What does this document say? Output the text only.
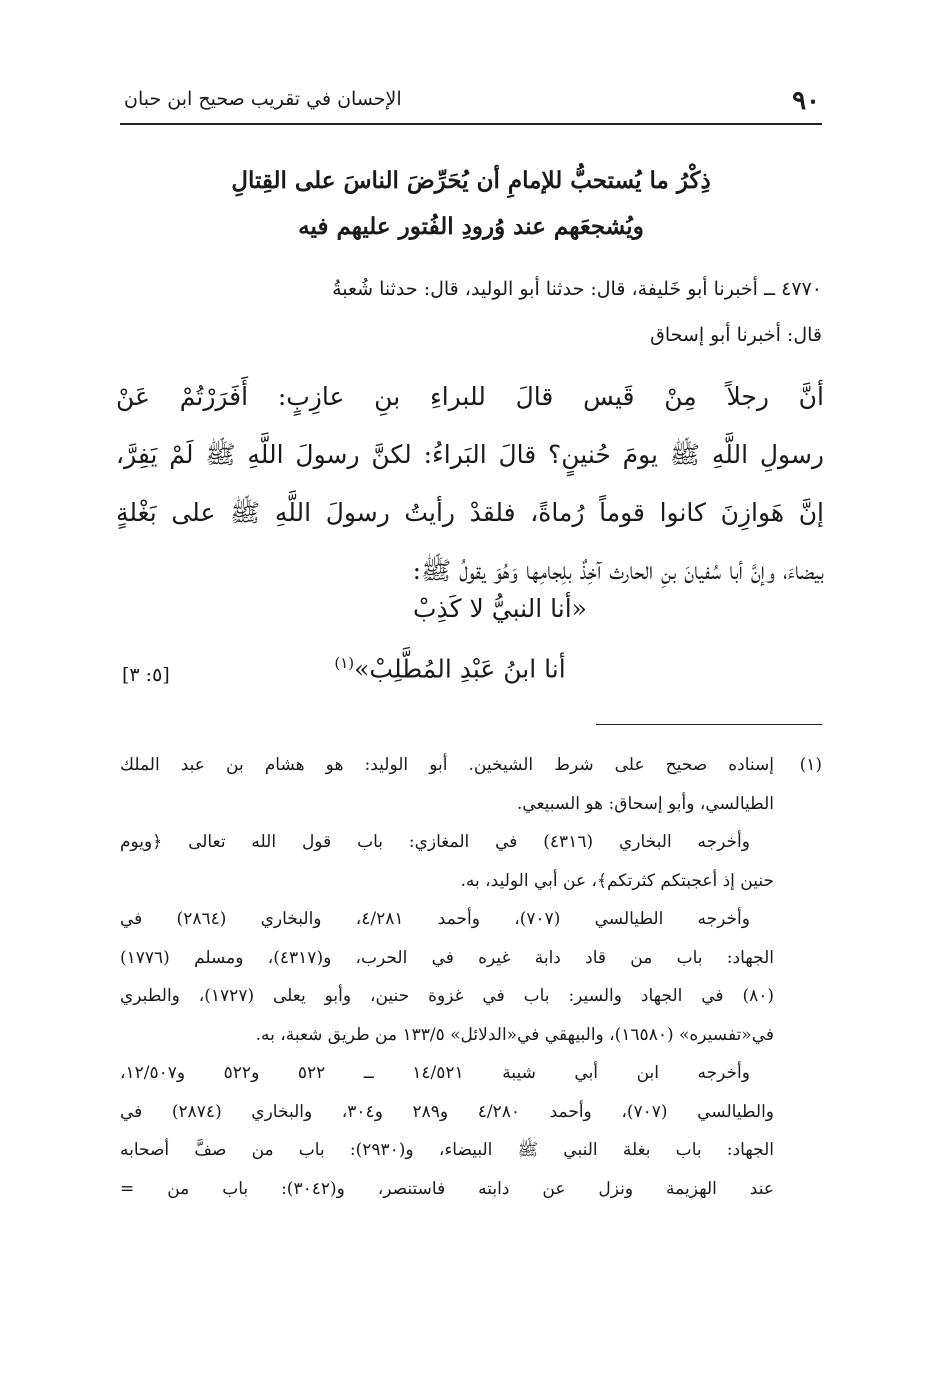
٩٠
الإحسان في تقريب صحيح ابن حبان
ذِكْرُ ما يُستحبُّ للإمامِ أن يُحَرِّضَ الناسَ على القِتالِ
ويُشجعَهم عند وُرودِ الفُتور عليهم فيه
٤٧٧٠ ــ أخبرنا أبو خَليفة، قال: حدثنا أبو الوليد، قال: حدثنا شُعبةُ
قال: أخبرنا أبو إسحاق
أنَّ رجلاً مِنْ قَيس قالَ للبراءِ بنِ عازِبٍ: أَفَرَرْتُمْ عَنْ
رسولِ اللَّهِ ﷺ يومَ حُنينٍ؟ قالَ البَراءُ: لكنَّ رسولَ اللَّهِ ﷺ لَمْ يَفِرَّ،
إنَّ هَوازِنَ كانوا قوماً رُماةً، فلقدْ رأيتُ رسولَ اللَّهِ ﷺ على بَغْلةٍ
بيضاءَ، وإنَّ أبا سُفيانَ بنِ الحارث آخِذٌ بلِجامِها وَهُوَ يقولُ ﷺ:
«أنا النبيُّ لا كَذِبْ
أنا ابنُ عَبْدِ المُطَّلِبْ»$^{(١)}$
[٥: ٣]
(١)
إسناده صحيح على شرط الشيخين. أبو الوليد: هو هشام بن عبد الملك
الطيالسي، وأبو إسحاق: هو السبيعي.
وأخرجه البخاري (٤٣١٦) في المغازي: باب قول الله تعالى ﴿ويوم
حنين إذ أعجبتكم كثرتكم﴾، عن أبي الوليد، به.
وأخرجه الطيالسي (٧٠٧)، وأحمد ٤/٢٨١، والبخاري (٢٨٦٤) في
الجهاد: باب من قاد دابة غيره في الحرب، و(٤٣١٧)، ومسلم (١٧٧٦)
(٨٠) في الجهاد والسير: باب في غزوة حنين، وأبو يعلى (١٧٢٧)، والطبري
في«تفسيره» (١٦٥٨٠)، والبيهقي في«الدلائل» ١٣٣/٥ من طريق شعبة، به.
وأخرجه ابن أبي شيبة ١٤/٥٢١ ــ ٥٢٢ و٥٢٢ و١٢/٥٠٧،
والطيالسي (٧٠٧)، وأحمد ٤/٢٨٠ و٢٨٩ و٣٠٤، والبخاري (٢٨٧٤) في
الجهاد: باب بغلة النبي ﷺ البيضاء، و(٢٩٣٠): باب من صفَّ أصحابه
عند الهزيمة ونزل عن دابته فاستنصر، و(٣٠٤٢): باب من =
